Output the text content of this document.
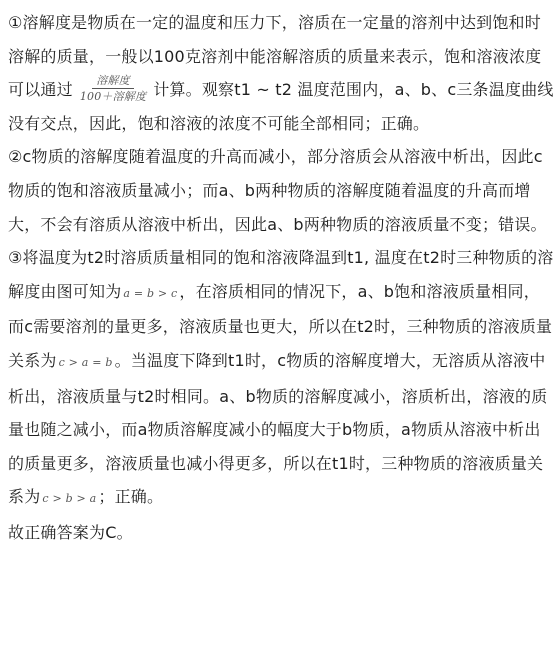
①溶解度是物质在一定的温度和压力下，溶质在一定量的溶剂中达到饱和时溶解的质量，一般以100克溶剂中能溶解溶质的质量来表示，饱和溶液浓度可以通过 $\frac{\text{溶解度}}{\text{100＋溶解度}}$ 计算。观察t1 ~ t2 温度范围内，a、b、c三条温度曲线没有交点，因此，饱和溶液的浓度不可能全部相同；正确。

②c物质的溶解度随着温度的升高而减小，部分溶质会从溶液中析出，因此c物质的饱和溶液质量减小；而a、b两种物质的溶解度随着温度的升高而增大，不会有溶质从溶液中析出，因此a、b两种物质的溶液质量不变；错误。

③将温度为t2时溶质质量相同的饱和溶液降温到t1, 温度在t2时三种物质的溶解度由图可知为 a = b > c ，在溶质相同的情况下，a、b饱和溶液质量相同，而c需要溶剂的量更多，溶液质量也更大，所以在t2时，三种物质的溶液质量关系为 c > a = b 。当温度下降到t1时，c物质的溶解度增大，无溶质从溶液中析出，溶液质量与t2时相同。a、b物质的溶解度减小，溶质析出，溶液的质量也随之减小，而a物质溶解度减小的幅度大于b物质，a物质从溶液中析出的质量更多，溶液质量也减小得更多，所以在t1时，三种物质的溶液质量关系为 c > b > a ；正确。

故正确答案为C。
